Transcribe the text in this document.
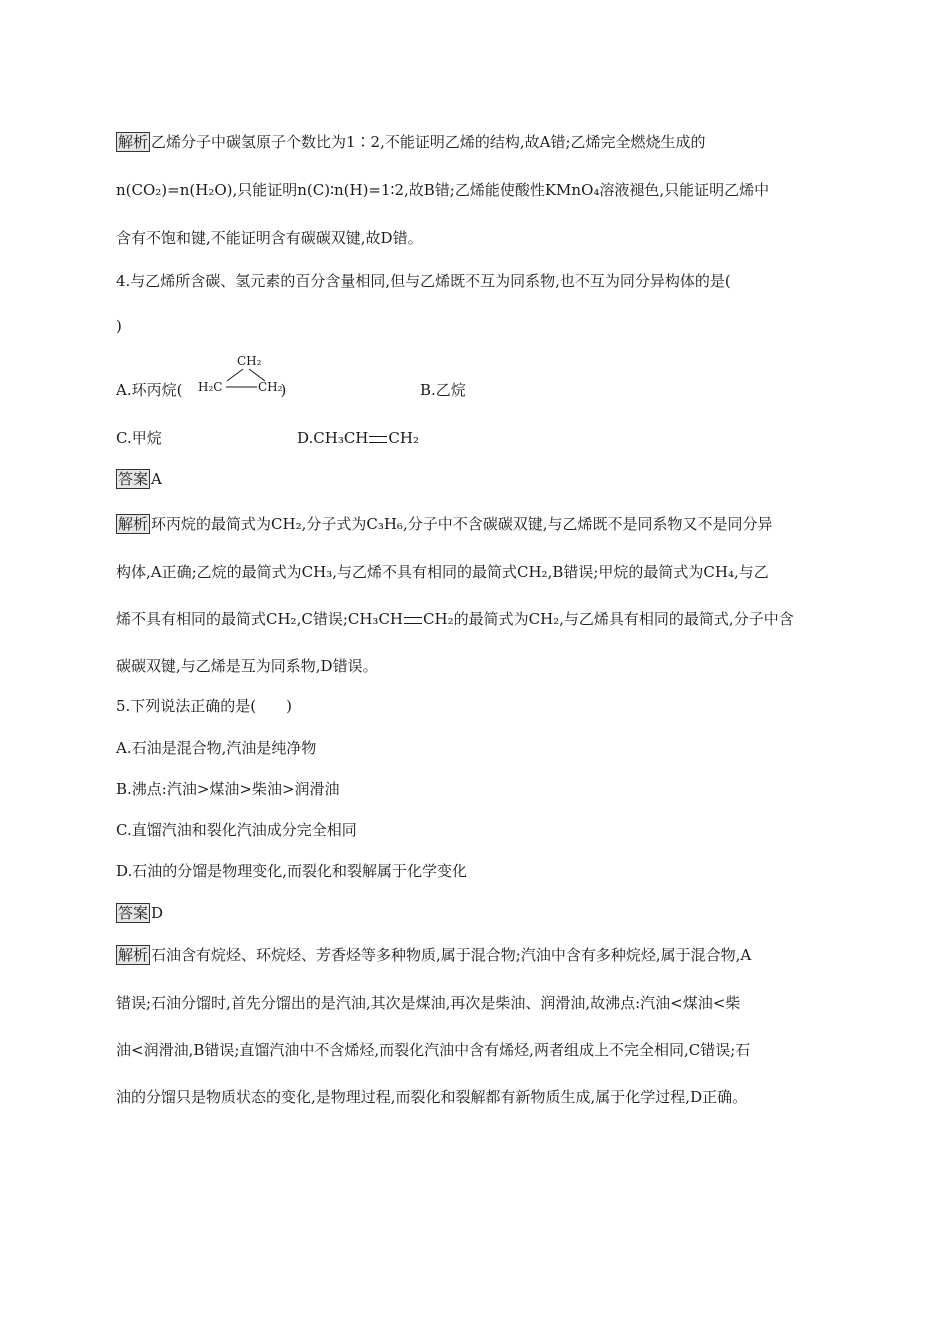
解析 乙烯分子中碳氢原子个数比为1∶2,不能证明乙烯的结构,故A错;乙烯完全燃烧生成的
n(CO₂)=n(H₂O),只能证明n(C)∶n(H)=1∶2,故B错;乙烯能使酸性KMnO₄溶液褪色,只能证明乙烯中
含有不饱和键,不能证明含有碳碳双键,故D错。
4.与乙烯所含碳、氢元素的百分含量相同,但与乙烯既不互为同系物,也不互为同分异构体的是(
)
A.环丙烷(	)
CH₂
H₂C	CH₂	B.乙烷
C.甲烷	D.CH₃CH CH₂
答案 A
解析 环丙烷的最简式为CH₂,分子式为C₃H₆,分子中不含碳碳双键,与乙烯既不是同系物又不是同分异
构体,A正确;乙烷的最简式为CH₃,与乙烯不具有相同的最简式CH₂,B错误;甲烷的最简式为CH₄,与乙
烯不具有相同的最简式CH₂,C错误;CH₃CH CH₂的最简式为CH₂,与乙烯具有相同的最简式,分子中含
碳碳双键,与乙烯是互为同系物,D错误。
5.下列说法正确的是(　　)
A.石油是混合物,汽油是纯净物
B.沸点:汽油>煤油>柴油>润滑油
C.直馏汽油和裂化汽油成分完全相同
D.石油的分馏是物理变化,而裂化和裂解属于化学变化
答案 D
解析 石油含有烷烃、环烷烃、芳香烃等多种物质,属于混合物;汽油中含有多种烷烃,属于混合物,A
错误;石油分馏时,首先分馏出的是汽油,其次是煤油,再次是柴油、润滑油,故沸点:汽油<煤油<柴
油<润滑油,B错误;直馏汽油中不含烯烃,而裂化汽油中含有烯烃,两者组成上不完全相同,C错误;石
油的分馏只是物质状态的变化,是物理过程,而裂化和裂解都有新物质生成,属于化学过程,D正确。
